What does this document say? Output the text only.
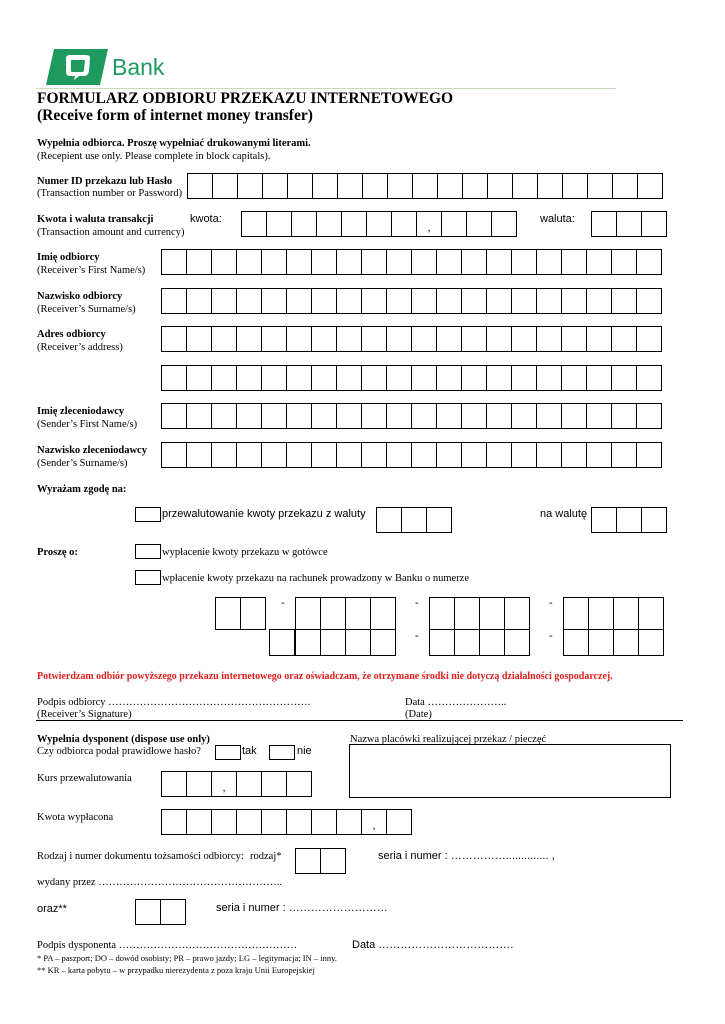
Bank
FORMULARZ ODBIORU PRZEKAZU INTERNETOWEGO
(Receive form of internet money transfer)
Wypełnia odbiorca. Proszę wypełniać drukowanymi literami.
(Recepient use only. Please complete in block capitals).
Numer ID przekazu lub Hasło
(Transaction number or Password)
Kwota i waluta transakcji
(Transaction amount and currency)
kwota:
,
waluta:
Imię odbiorcy
(Receiver’s First Name/s)
Nazwisko odbiorcy
(Receiver’s Surname/s)
Adres odbiorcy
(Receiver’s address)
Imię zleceniodawcy
(Sender’s First Name/s)
Nazwisko zleceniodawcy
(Sender’s Surname/s)
Wyrażam zgodę na:
przewalutowanie kwoty przekazu z waluty	na walutę
Proszę o:	wypłacenie kwoty przekazu w gotówce
wpłacenie kwoty przekazu na rachunek prowadzony w Banku o numerze
-	-	-
-	-
Potwierdzam odbiór powyższego przekazu internetowego oraz oświadczam, że otrzymane środki nie dotyczą działalności gospodarczej.
Podpis odbiorcy ………………………………………………….
(Receiver’s Signature)
Data …………………..
(Date)
Wypełnia dysponent (dispose use only)
Czy odbiorca podał prawidłowe hasło?	tak	nie
Nazwa placówki realizującej przekaz / pieczęć
Kurs przewalutowania
,
Kwota wypłacona
,
Rodzaj i numer dokumentu tożsamości odbiorcy: rodzaj*	seria i numer : …………….............. ,
wydany przez ……………………………………………..
oraz**	seria i numer : ………………………
Podpis dysponenta ……………………………………………	Data ……………………………….
* PA – paszport; DO – dowód osobisty; PR – prawo jazdy; LG – legitymacja; IN – inny.
** KR – karta pobytu – w przypadku nierezydenta z poza kraju Unii Europejskiej
